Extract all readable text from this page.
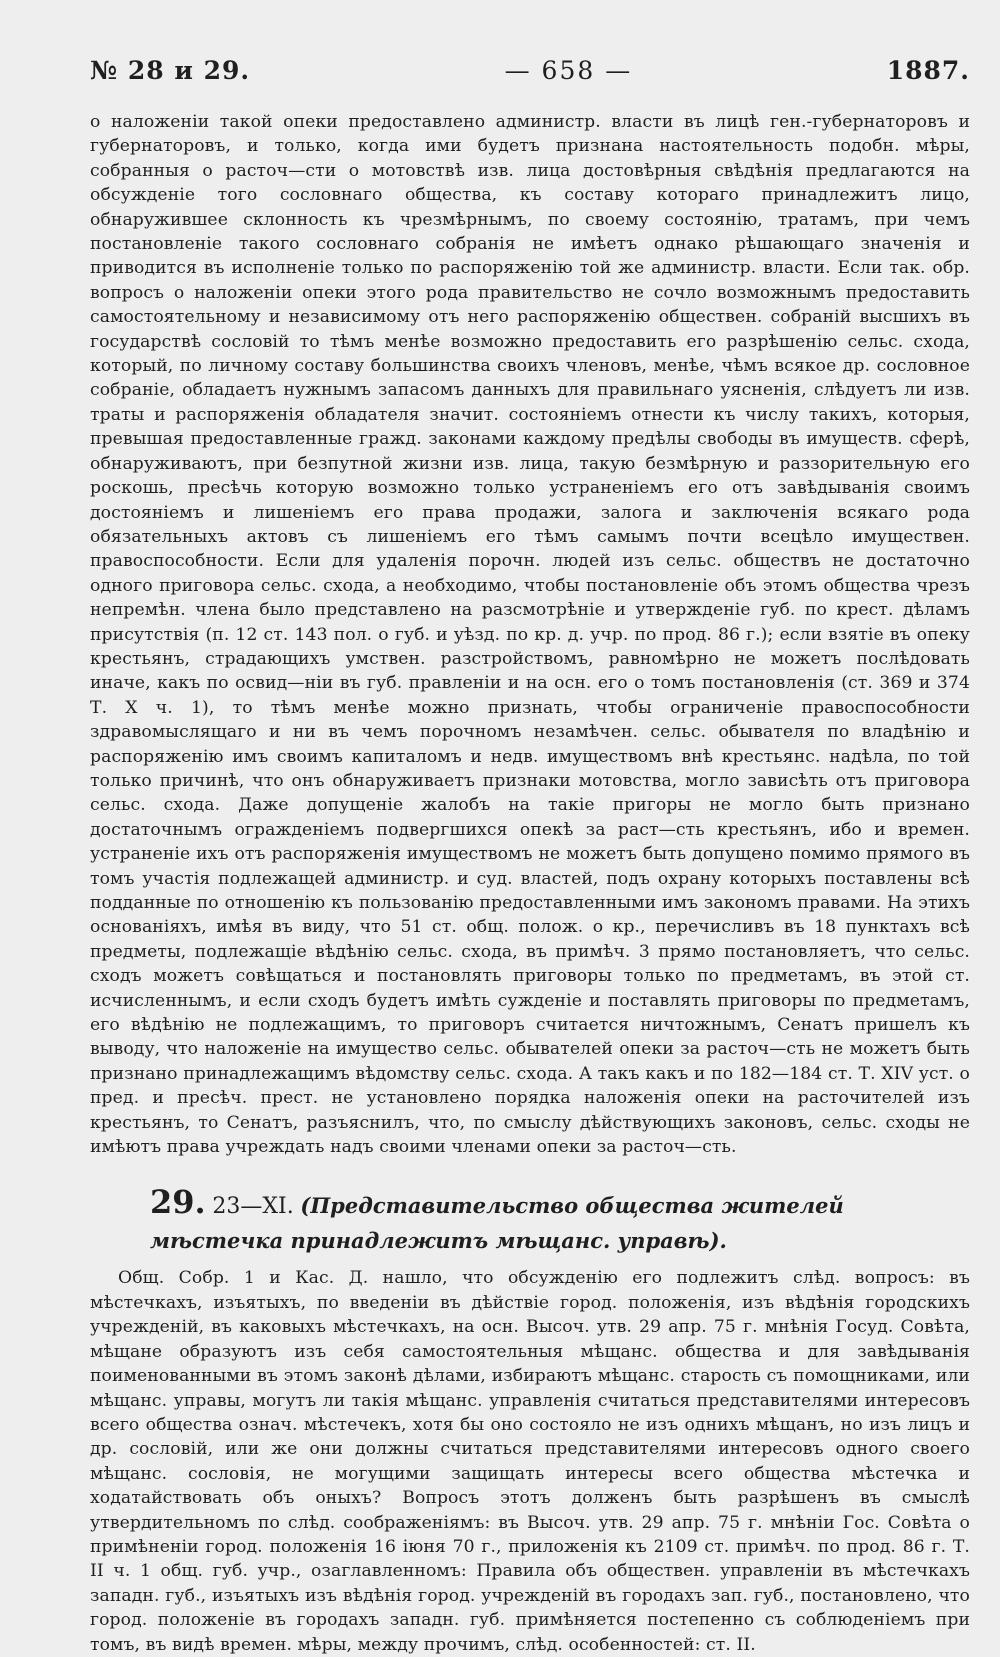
№ 28 и 29.	— 658 —	1887.

о наложенiи такой опеки предоставлено администр. власти въ лицѣ ген.-губернаторовъ и губернаторовъ, и только, когда ими будетъ признана настоятельность подобн. мѣры, собранныя о расточ—сти о мотовствѣ изв. лица достовѣрныя свѣдѣнія предлагаются на обсужденіе того сословнаго общества, къ составу котораго принадлежитъ лицо, обнаружившее склонность къ чрезмѣрнымъ, по своему состоянію, тратамъ, при чемъ постановленіе такого сословнаго собранія не имѣетъ однако рѣшающаго значенія и приводится въ исполненіе только по распоряженію той же администр. власти. Если так. обр. вопросъ о наложеніи опеки этого рода правительство не сочло возможнымъ предоставить самостоятельному и независимому отъ него распоряженію обществен. собраній высшихъ въ государствѣ сословій то тѣмъ менѣе возможно предоставить его разрѣшенію сельс. схода, который, по личному составу большинства своихъ членовъ, менѣе, чѣмъ всякое др. сословное собраніе, обладаетъ нужнымъ запасомъ данныхъ для правильнаго уясненія, слѣдуетъ ли изв. траты и распоряженія обладателя значит. состояніемъ отнести къ числу такихъ, которыя, превышая предоставленные гражд. законами каждому предѣлы свободы въ имуществ. сферѣ, обнаруживаютъ, при безпутной жизни изв. лица, такую безмѣрную и раззорительную его роскошь, пресѣчь которую возможно только устраненіемъ его отъ завѣдыванія своимъ достояніемъ и лишеніемъ его права продажи, залога и заключенія всякаго рода обязательныхъ актовъ съ лишеніемъ его тѣмъ самымъ почти всецѣло имуществен. правоспособности. Если для удаленія порочн. людей изъ сельс. обществъ не достаточно одного приговора сельс. схода, а необходимо, чтобы постановленіе объ этомъ общества чрезъ непремѣн. члена было представлено на разсмотрѣніе и утвержденіе губ. по крест. дѣламъ присутствія (п. 12 ст. 143 пол. о губ. и уѣзд. по кр. д. учр. по прод. 86 г.); если взятіе въ опеку крестьянъ, страдающихъ умствен. разстройствомъ, равномѣрно не можетъ послѣдовать иначе, какъ по освид—ніи въ губ. правленіи и на осн. его о томъ постановленія (ст. 369 и 374 Т. X ч. 1), то тѣмъ менѣе можно признать, чтобы ограниченіе правоспособности здравомыслящаго и ни въ чемъ порочномъ незамѣчен. сельс. обывателя по владѣнію и распоряженію имъ своимъ капиталомъ и недв. имуществомъ внѣ крестьянс. надѣла, по той только причинѣ, что онъ обнаруживаетъ признаки мотовства, могло зависѣть отъ приговора сельс. схода. Даже допущеніе жалобъ на такіе пригоры не могло быть признано достаточнымъ огражденіемъ подвергшихся опекѣ за раст—сть крестьянъ, ибо и времен. устраненіе ихъ отъ распоряженія имуществомъ не можетъ быть допущено помимо прямого въ томъ участія подлежащей администр. и суд. властей, подъ охрану которыхъ поставлены всѣ подданные по отношенію къ пользованію предоставленными имъ закономъ правами. На этихъ основаніяхъ, имѣя въ виду, что 51 ст. общ. полож. о кр., перечисливъ въ 18 пунктахъ всѣ предметы, подлежащіе вѣдѣнію сельс. схода, въ примѣч. 3 прямо постановляетъ, что сельс. сходъ можетъ совѣщаться и постановлять приговоры только по предметамъ, въ этой ст. исчисленнымъ, и если сходъ будетъ имѣть сужденіе и поставлять приговоры по предметамъ, его вѣдѣнію не подлежащимъ, то приговоръ считается ничтожнымъ, Сенатъ пришелъ къ выводу, что наложеніе на имущество сельс. обывателей опеки за расточ—сть не можетъ быть признано принадлежащимъ вѣдомству сельс. схода. А такъ какъ и по 182—184 ст. Т. XIV уст. о пред. и пресѣч. прест. не установлено порядка наложенія опеки на расточителей изъ крестьянъ, то Сенатъ, разъяснилъ, что, по смыслу дѣйствующихъ законовъ, сельс. сходы не имѣютъ права учреждать надъ своими членами опеки за расточ—сть.

29. 23—XI. (Представительство общества жителей мѣстечка принадлежитъ мѣщанс. управѣ).

Общ. Собр. 1 и Кас. Д. нашло, что обсужденію его подлежитъ слѣд. вопросъ: въ мѣстечкахъ, изъятыхъ, по введеніи въ дѣйствіе город. положенія, изъ вѣдѣнія городскихъ учрежденій, въ каковыхъ мѣстечкахъ, на осн. Высоч. утв. 29 апр. 75 г. мнѣнія Госуд. Совѣта, мѣщане образуютъ изъ себя самостоятельныя мѣщанс. общества и для завѣдыванія поименованными въ этомъ законѣ дѣлами, избираютъ мѣщанс. старость съ помощниками, или мѣщанс. управы, могутъ ли такія мѣщанс. управленія считаться представителями интересовъ всего общества означ. мѣстечекъ, хотя бы оно состояло не изъ однихъ мѣщанъ, но изъ лицъ и др. сословій, или же они должны считаться представителями интересовъ одного своего мѣщанс. сословія, не могущими защищать интересы всего общества мѣстечка и ходатайствовать объ оныхъ? Вопросъ этотъ долженъ быть разрѣшенъ въ смыслѣ утвердительномъ по слѣд. соображеніямъ: въ Высоч. утв. 29 апр. 75 г. мнѣніи Гос. Совѣта о примѣненіи город. положенія 16 іюня 70 г., приложенія къ 2109 ст. примѣч. по прод. 86 г. Т. II ч. 1 общ. губ. учр., озаглавленномъ: Правила объ обществен. управленіи въ мѣстечкахъ западн. губ., изъятыхъ изъ вѣдѣнія город. учрежденій въ городахъ зап. губ., постановлено, что город. положеніе въ городахъ западн. губ. примѣняется постепенно съ соблюденіемъ при томъ, въ видѣ времен. мѣры, между прочимъ, слѣд. особенностей: ст. II.
